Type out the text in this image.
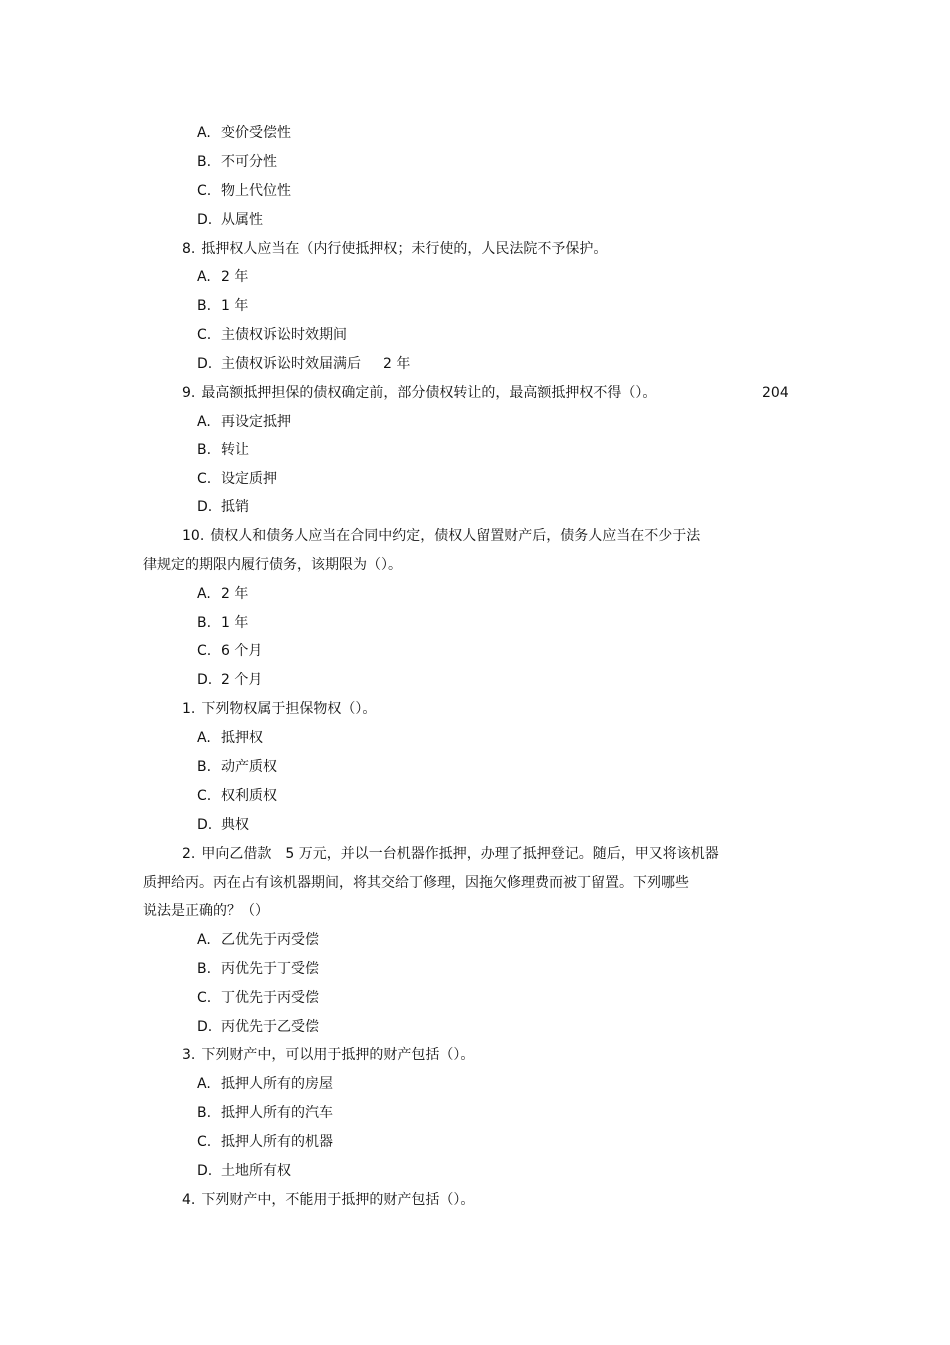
A. 变价受偿性
B. 不可分性
C. 物上代位性
D. 从属性
8. 抵押权人应当在（内行使抵押权；未行使的，人民法院不予保护。
A. 2 年
B. 1 年
C. 主债权诉讼时效期间
D. 主债权诉讼时效届满后 2 年
9. 最高额抵押担保的债权确定前，部分债权转让的，最高额抵押权不得（）。	204
A. 再设定抵押
B. 转让
C. 设定质押
D. 抵销
10. 债权人和债务人应当在合同中约定，债权人留置财产后，债务人应当在不少于法
律规定的期限内履行债务，该期限为（）。
A. 2 年
B. 1 年
C. 6 个月
D. 2 个月
1. 下列物权属于担保物权（）。
A. 抵押权
B. 动产质权
C. 权利质权
D. 典权
2. 甲向乙借款 5 万元，并以一台机器作抵押，办理了抵押登记。随后，甲又将该机器
质押给丙。丙在占有该机器期间，将其交给丁修理，因拖欠修理费而被丁留置。下列哪些
说法是正确的？（）
A. 乙优先于丙受偿
B. 丙优先于丁受偿
C. 丁优先于丙受偿
D. 丙优先于乙受偿
3. 下列财产中，可以用于抵押的财产包括（）。
A. 抵押人所有的房屋
B. 抵押人所有的汽车
C. 抵押人所有的机器
D. 土地所有权
4. 下列财产中，不能用于抵押的财产包括（）。
